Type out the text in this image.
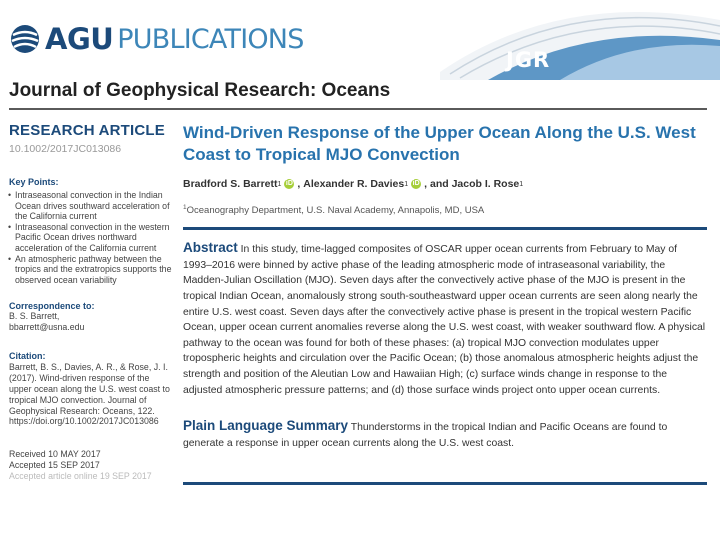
AGU PUBLICATIONS
JGR
Journal of Geophysical Research: Oceans
RESEARCH ARTICLE
10.1002/2017JC013086
Key Points:
• Intraseasonal convection in the Indian Ocean drives southward acceleration of the California current
• Intraseasonal convection in the western Pacific Ocean drives northward acceleration of the California current
• An atmospheric pathway between the tropics and the extratropics supports the observed ocean variability
Correspondence to:
B. S. Barrett,
bbarrett@usna.edu
Citation:
Barrett, B. S., Davies, A. R., & Rose, J. I. (2017). Wind-driven response of the upper ocean along the U.S. west coast to tropical MJO convection. Journal of Geophysical Research: Oceans, 122. https://doi.org/10.1002/2017JC013086
Received 10 MAY 2017
Accepted 15 SEP 2017
Accepted article online 19 SEP 2017
Wind-Driven Response of the Upper Ocean Along the U.S. West Coast to Tropical MJO Convection
Bradford S. Barrett 1 iD , Alexander R. Davies 1 iD , and Jacob I. Rose 1
$^1$Oceanography Department, U.S. Naval Academy, Annapolis, MD, USA
Abstract In this study, time-lagged composites of OSCAR upper ocean currents from February to May of 1993–2016 were binned by active phase of the leading atmospheric mode of intraseasonal variability, the Madden-Julian Oscillation (MJO). Seven days after the convectively active phase of the MJO is present in the tropical Indian Ocean, anomalously strong south-southeastward upper ocean currents are seen along nearly the entire U.S. west coast. Seven days after the convectively active phase is present in the tropical western Pacific Ocean, upper ocean current anomalies reverse along the U.S. west coast, with weaker southward flow. A physical pathway to the ocean was found for both of these phases: (a) tropical MJO convection modulates upper tropospheric heights and circulation over the Pacific Ocean; (b) those anomalous atmospheric heights adjust the strength and position of the Aleutian Low and Hawaiian High; (c) surface winds change in response to the adjusted atmospheric pressure patterns; and (d) those surface winds project onto upper ocean currents.
Plain Language Summary Thunderstorms in the tropical Indian and Pacific Oceans are found to generate a response in upper ocean currents along the U.S. west coast.
